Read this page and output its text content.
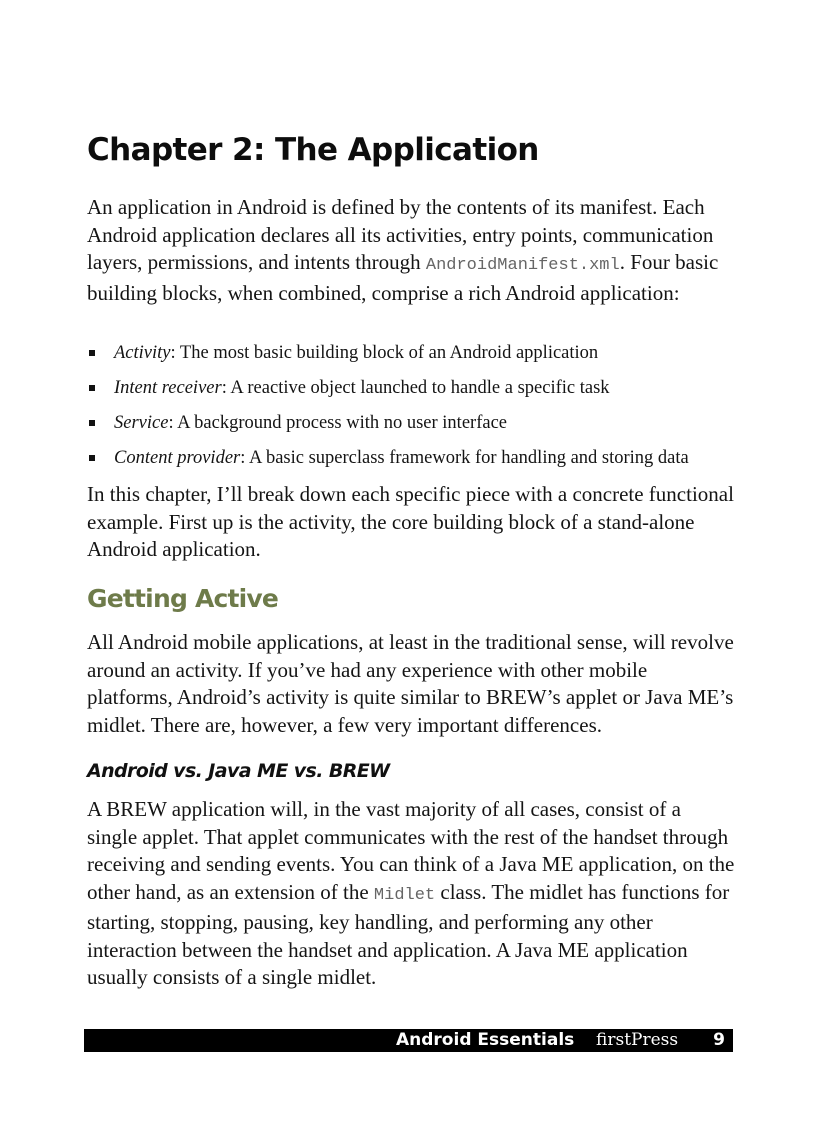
Chapter 2: The Application

An application in Android is defined by the contents of its manifest. Each Android application declares all its activities, entry points, communication layers, permissions, and intents through AndroidManifest.xml. Four basic building blocks, when combined, comprise a rich Android application:

Activity: The most basic building block of an Android application
Intent receiver: A reactive object launched to handle a specific task
Service: A background process with no user interface
Content provider: A basic superclass framework for handling and storing data

In this chapter, I’ll break down each specific piece with a concrete functional example. First up is the activity, the core building block of a stand-alone Android application.

Getting Active

All Android mobile applications, at least in the traditional sense, will revolve around an activity. If you’ve had any experience with other mobile platforms, Android’s activity is quite similar to BREW’s applet or Java ME’s midlet. There are, however, a few very important differences.

Android vs. Java ME vs. BREW

A BREW application will, in the vast majority of all cases, consist of a single applet. That applet communicates with the rest of the handset through receiving and sending events. You can think of a Java ME application, on the other hand, as an extension of the Midlet class. The midlet has functions for starting, stopping, pausing, key handling, and performing any other interaction between the handset and application. A Java ME application usually consists of a single midlet.

Android Essentials firstPress 9
